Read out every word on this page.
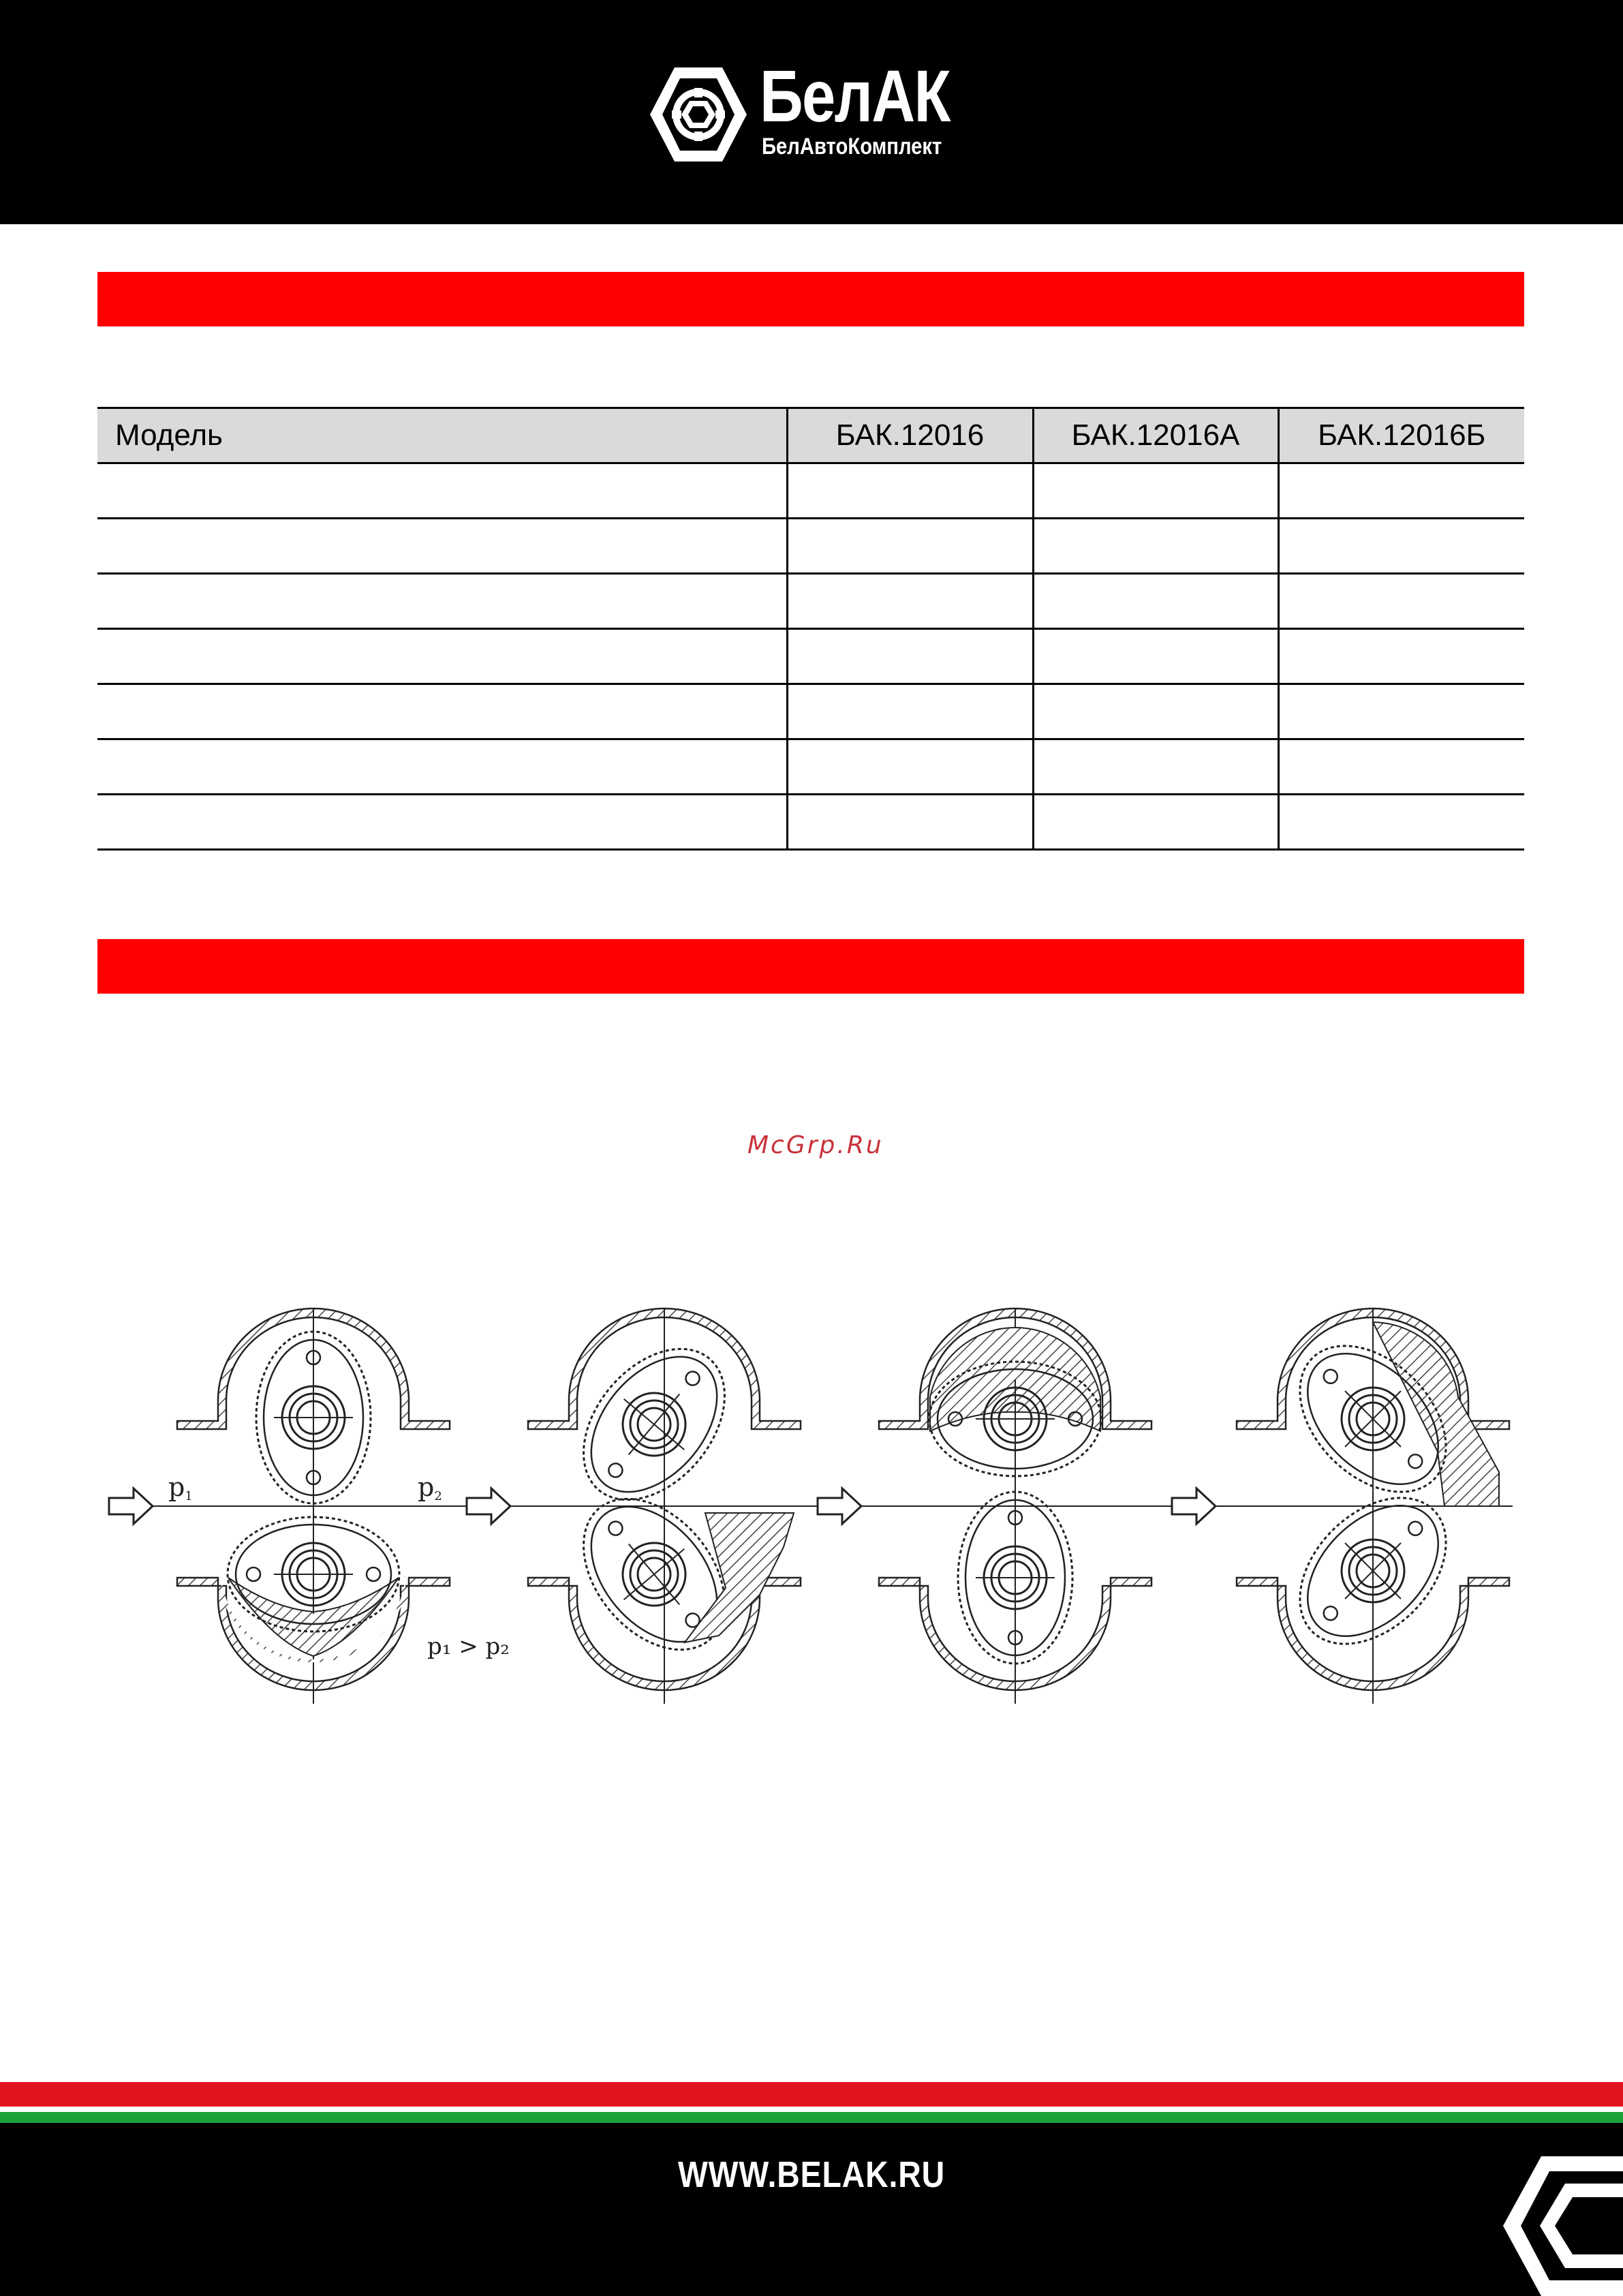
БелАК
БелАвтоКомплект
Модель	БАК.12016	БАК.12016А	БАК.12016Б

McGrp.Ru
p1	p2
p₁ > p₂
WWW.BELAK.RU
